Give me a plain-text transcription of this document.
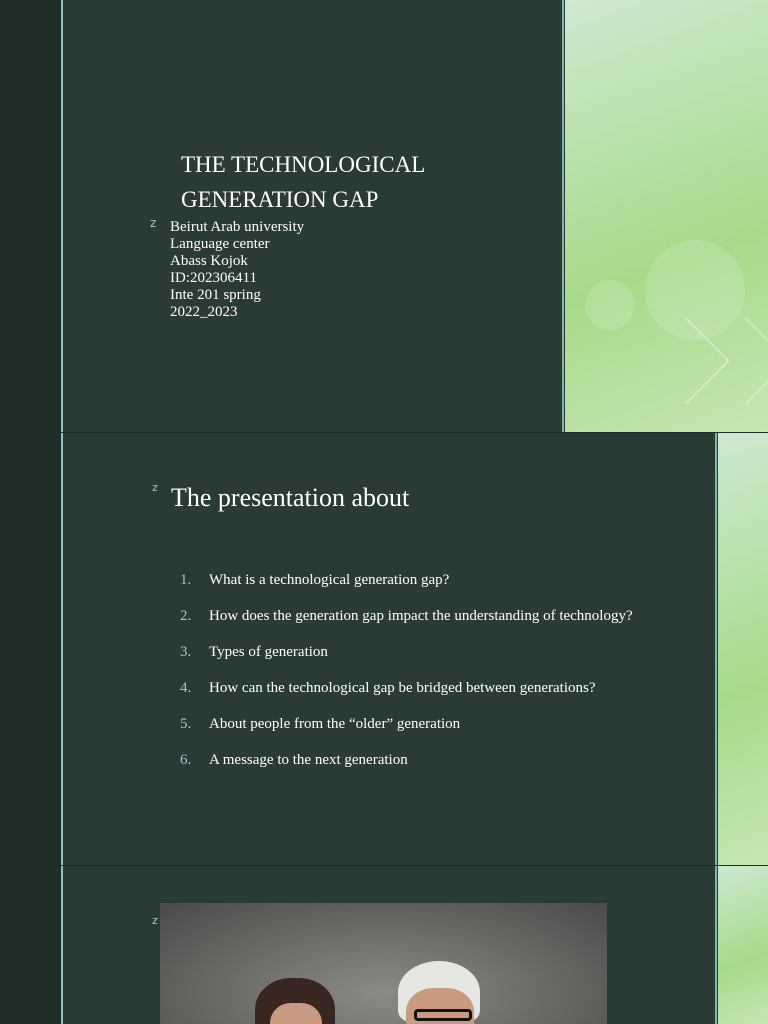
THE TECHNOLOGICAL GENERATION GAP
z Beirut Arab university
Language center
Abass Kojok
ID:202306411
Inte 201 spring
2022_2023
z The presentation about
1.	What is a technological generation gap?
2.	How does the generation gap impact the understanding of technology?
3.	Types of generation
4.	How can the technological gap be bridged between generations?
5.	About people from the “older” generation
6.	A message to the next generation
z
